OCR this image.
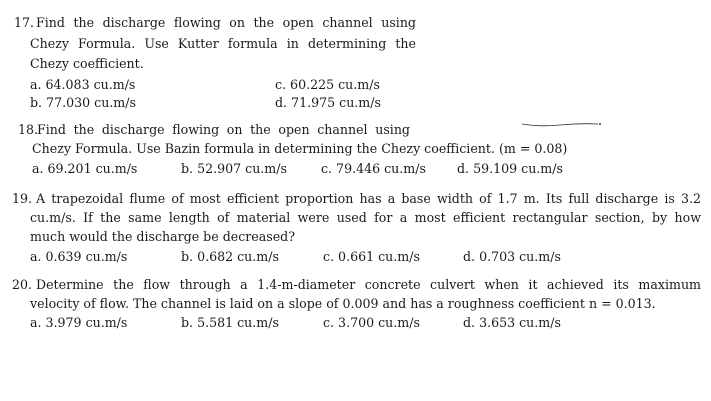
17. Find the discharge flowing on the open channel using
Chezy Formula. Use Kutter formula in determining the
Chezy coefficient.
a. 64.083 cu.m/s	c. 60.225 cu.m/s
b. 77.030 cu.m/s	d. 71.975 cu.m/s
18.
Find the discharge flowing on the open channel using
Chezy Formula. Use Bazin formula in determining the Chezy coefficient. (m = 0.08)
a. 69.201 cu.m/s	b. 52.907 cu.m/s	c. 79.446 cu.m/s d. 59.109 cu.m/s
19. A trapezoidal flume of most efficient proportion has a base width of 1.7 m. Its full discharge is 3.2
cu.m/s. If the same length of material were used for a most efficient rectangular section, by how
much would the discharge be decreased?
a. 0.639 cu.m/s	b. 0.682 cu.m/s	c. 0.661 cu.m/s	d. 0.703 cu.m/s
20. Determine the flow through a 1.4-m-diameter concrete culvert when it achieved its maximum
velocity of flow. The channel is laid on a slope of 0.009 and has a roughness coefficient n = 0.013.
a. 3.979 cu.m/s	b. 5.581 cu.m/s	c. 3.700 cu.m/s	d. 3.653 cu.m/s
